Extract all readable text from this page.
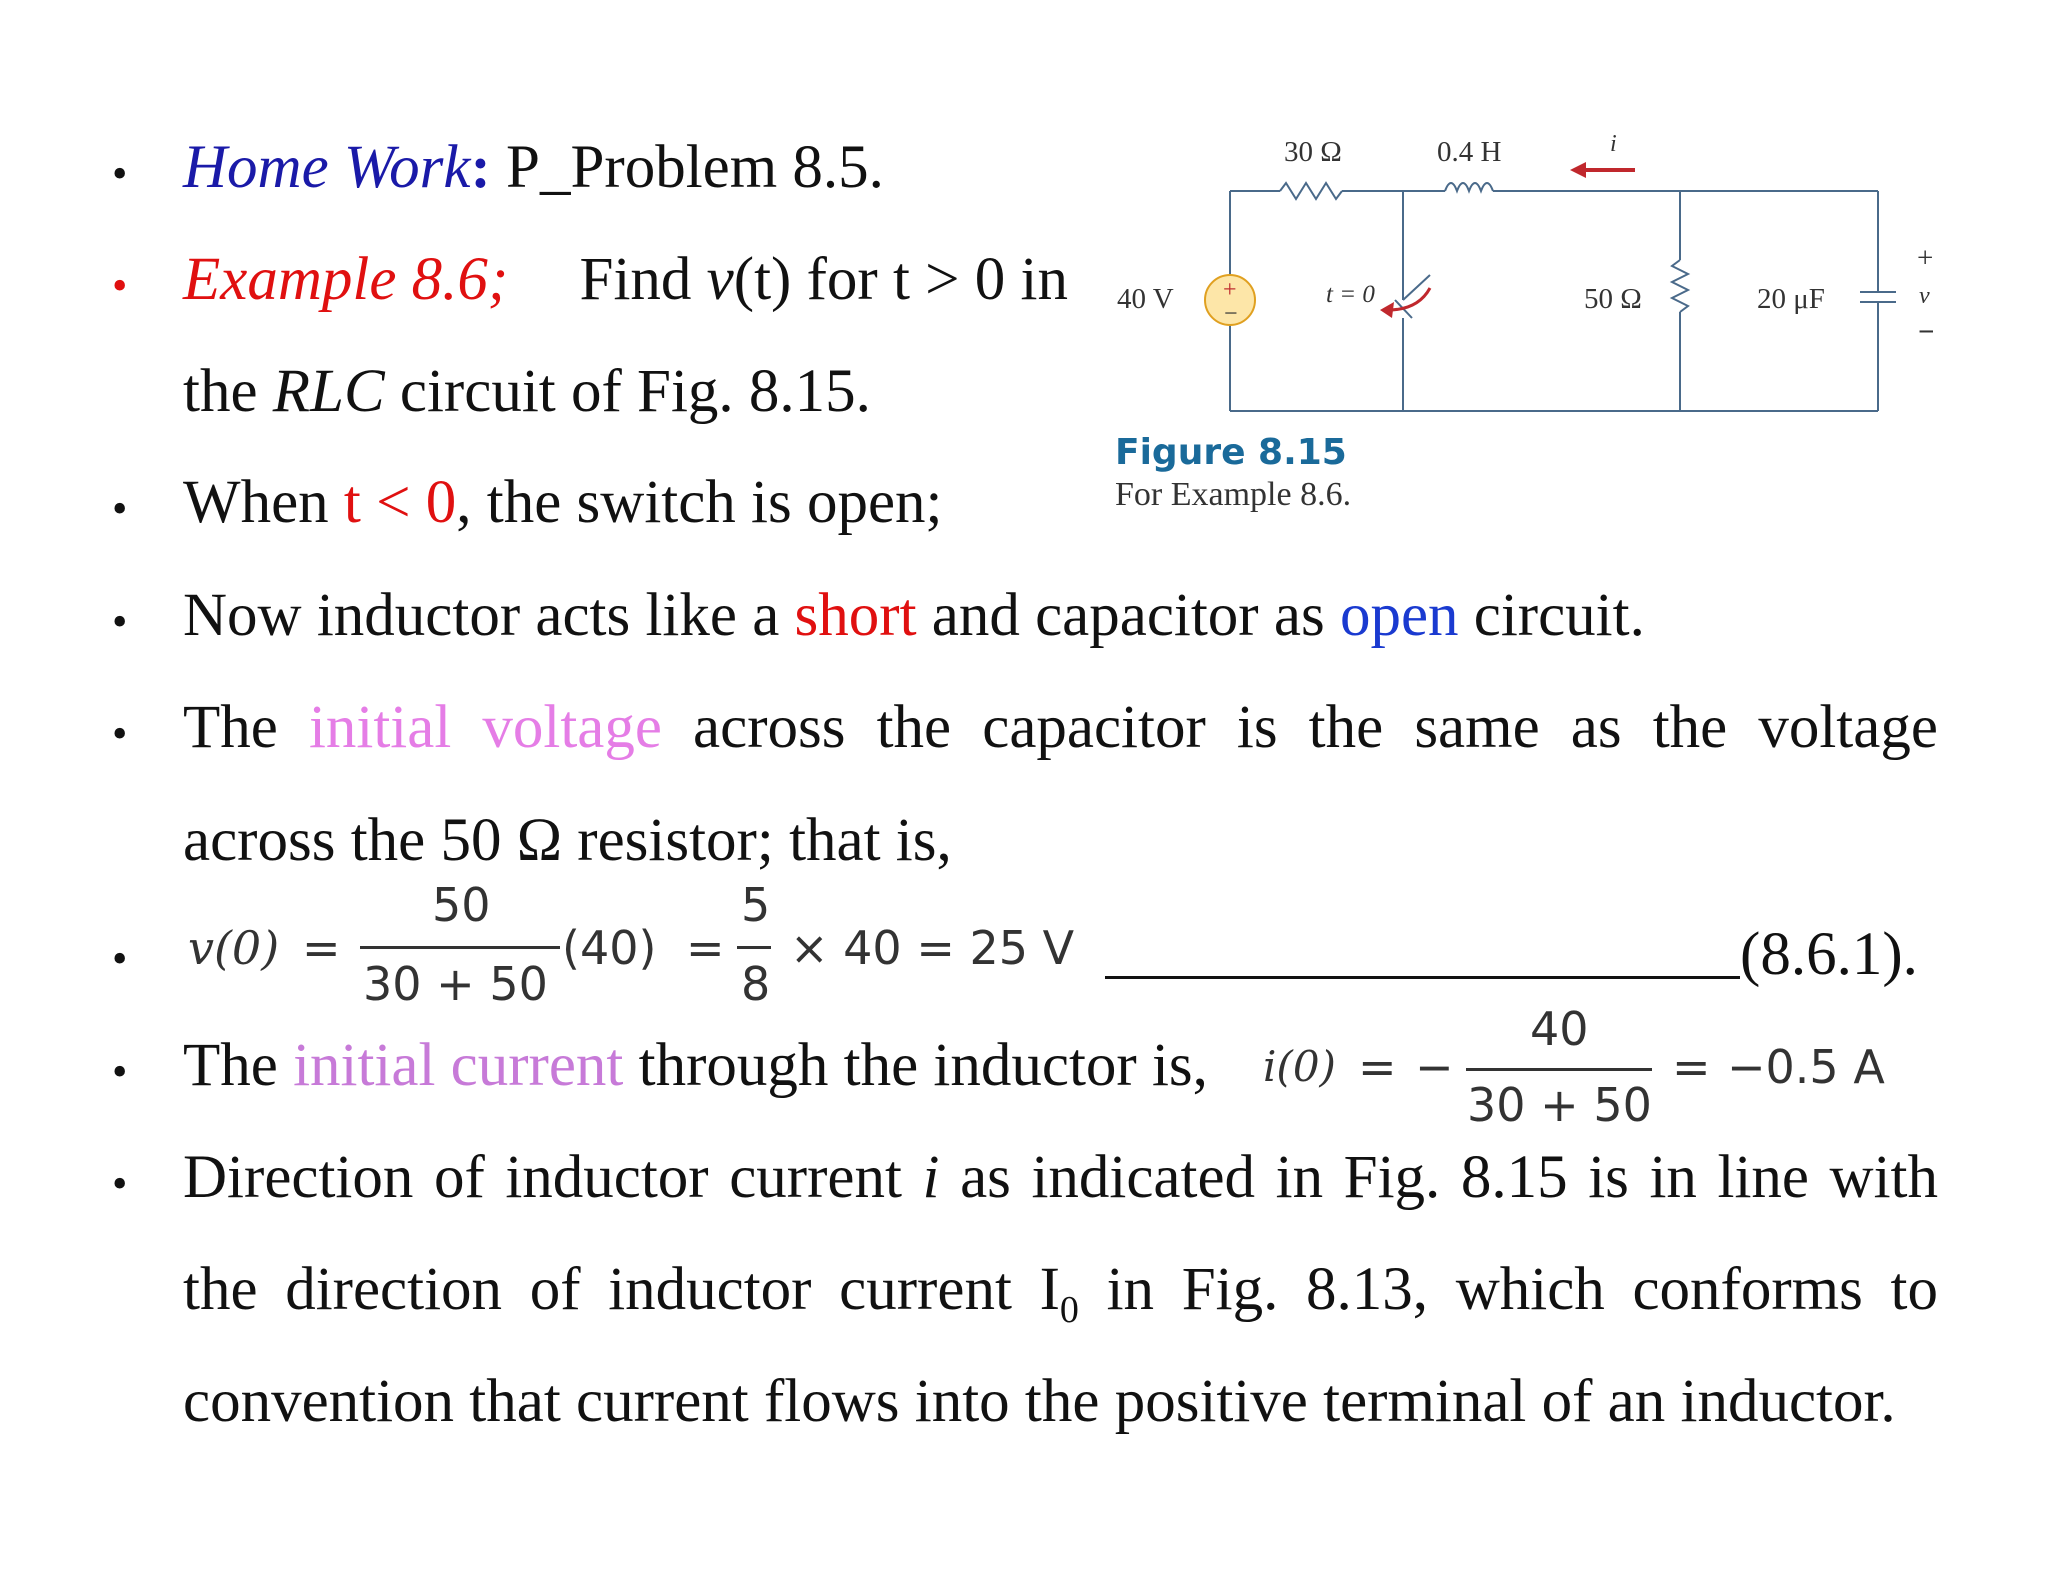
• Home Work: P_Problem 8.5.
• Example 8.6; Find v(t) for t > 0 in
the RLC circuit of Fig. 8.15.
• When t < 0, the switch is open;
• Now inductor acts like a short and capacitor as open circuit.
• The initial voltage across the capacitor is the same as the voltage
across the 50 Ω resistor; that is,
• v(0) =
50
30 + 50
(40) =
5
8
× 40 = 25 V	(8.6.1).
• The initial current through the inductor is, i(0) = −
40
30 + 50
= −0.5 A
• Direction of inductor current i as indicated in Fig. 8.15 is in line with
the direction of inductor current $I_0$ in Fig. 8.13, which conforms to
convention that current flows into the positive terminal of an inductor.
30 Ω	0.4 H	i
40 V +
−
t = 0	50 Ω	20 μF
+
v
−
Figure 8.15
For Example 8.6.
